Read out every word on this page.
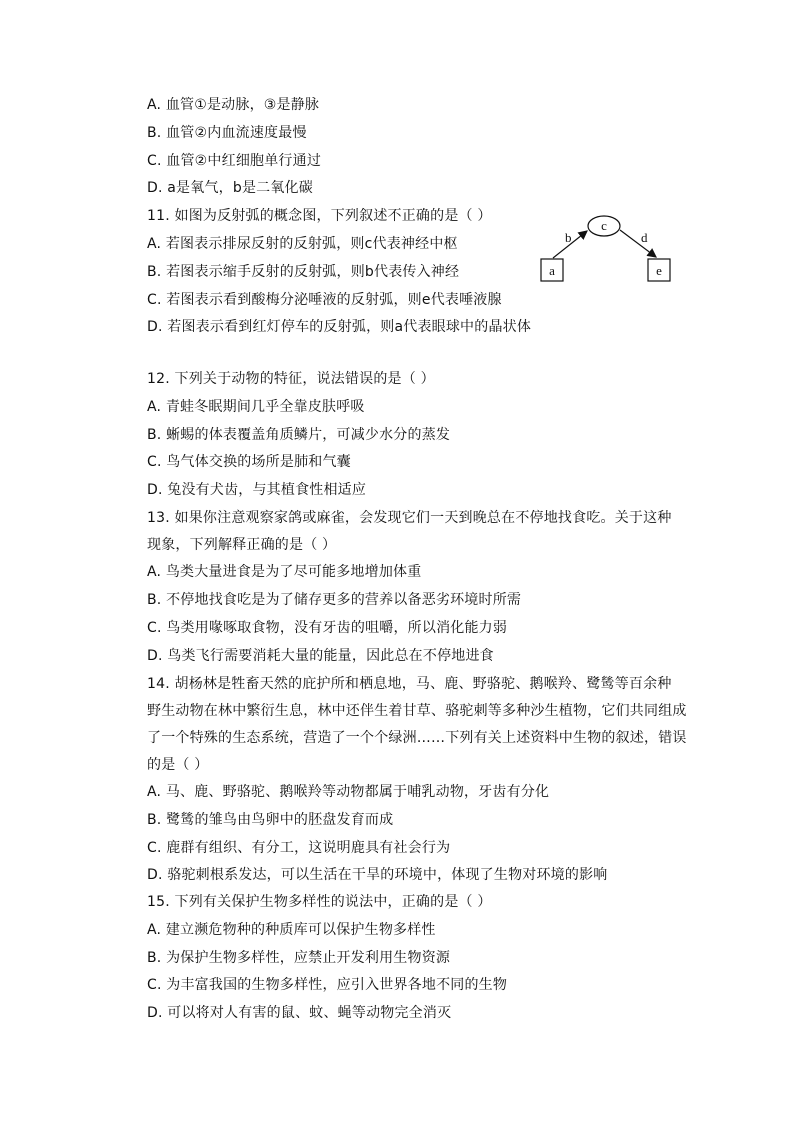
A. 血管①是动脉，③是静脉
B. 血管②内血流速度最慢
C. 血管②中红细胞单行通过
D. a是氧气，b是二氧化碳
11. 如图为反射弧的概念图，下列叙述不正确的是（ ）
A. 若图表示排尿反射的反射弧，则c代表神经中枢
B. 若图表示缩手反射的反射弧，则b代表传入神经
C. 若图表示看到酸梅分泌唾液的反射弧，则e代表唾液腺
D. 若图表示看到红灯停车的反射弧，则a代表眼球中的晶状体
a
c
e
b	d
12. 下列关于动物的特征，说法错误的是（ ）
A. 青蛙冬眠期间几乎全靠皮肤呼吸
B. 蜥蜴的体表覆盖角质鳞片，可减少水分的蒸发
C. 鸟气体交换的场所是肺和气囊
D. 兔没有犬齿，与其植食性相适应
13. 如果你注意观察家鸽或麻雀，会发现它们一天到晚总在不停地找食吃。关于这种
现象，下列解释正确的是（ ）
A. 鸟类大量进食是为了尽可能多地增加体重
B. 不停地找食吃是为了储存更多的营养以备恶劣环境时所需
C. 鸟类用喙啄取食物，没有牙齿的咀嚼，所以消化能力弱
D. 鸟类飞行需要消耗大量的能量，因此总在不停地进食
14. 胡杨林是牲畜天然的庇护所和栖息地，马、鹿、野骆驼、鹅喉羚、鹭鸶等百余种
野生动物在林中繁衍生息，林中还伴生着甘草、骆驼刺等多种沙生植物，它们共同组成
了一个特殊的生态系统，营造了一个个绿洲……下列有关上述资料中生物的叙述，错误
的是（ ）
A. 马、鹿、野骆驼、鹅喉羚等动物都属于哺乳动物，牙齿有分化
B. 鹭鸶的雏鸟由鸟卵中的胚盘发育而成
C. 鹿群有组织、有分工，这说明鹿具有社会行为
D. 骆驼刺根系发达，可以生活在干旱的环境中，体现了生物对环境的影响
15. 下列有关保护生物多样性的说法中，正确的是（ ）
A. 建立濒危物种的种质库可以保护生物多样性
B. 为保护生物多样性，应禁止开发利用生物资源
C. 为丰富我国的生物多样性，应引入世界各地不同的生物
D. 可以将对人有害的鼠、蚊、蝇等动物完全消灭
